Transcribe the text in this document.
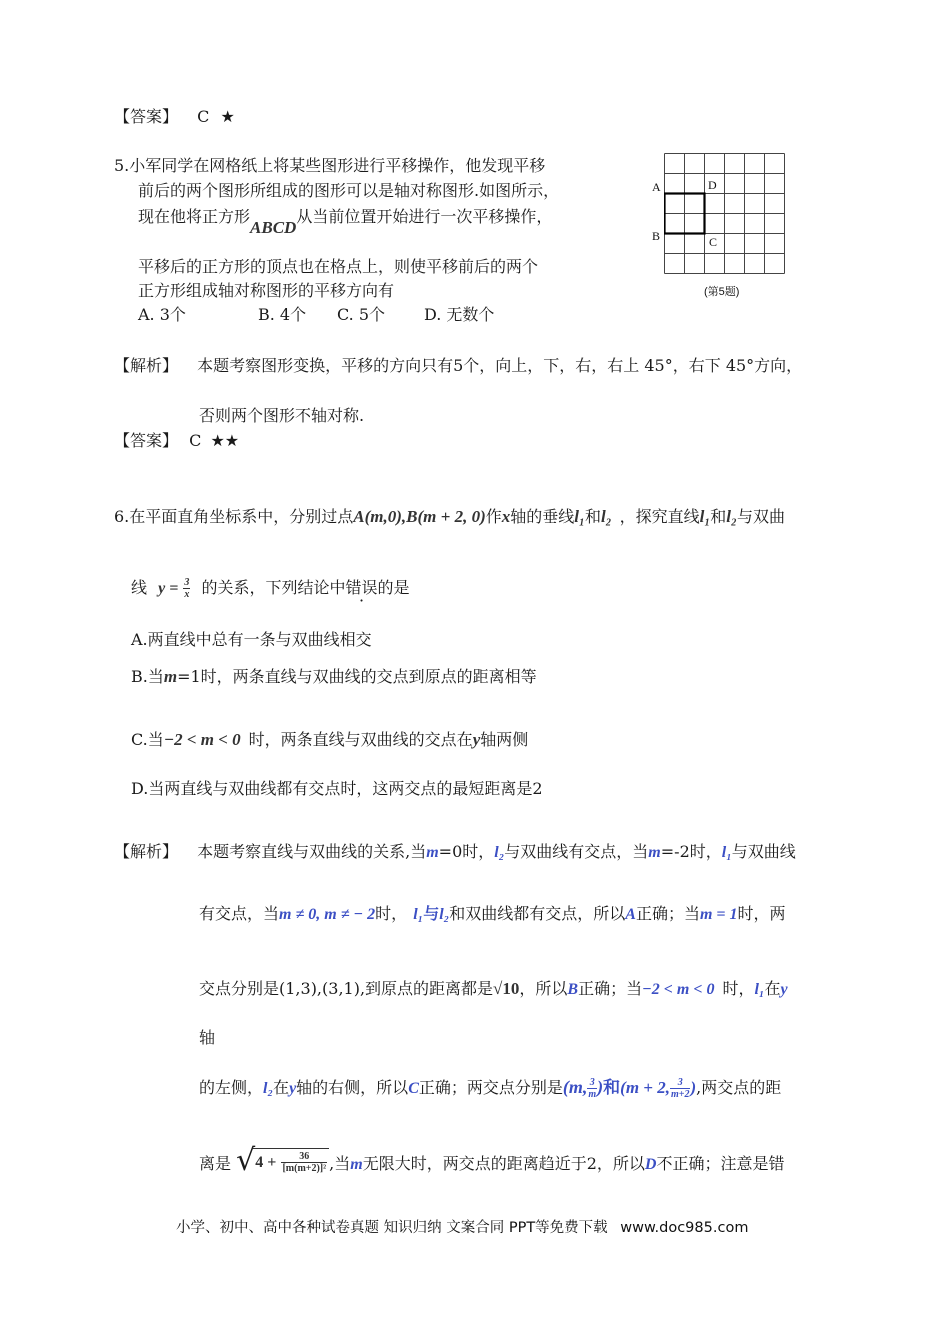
【答案】 C ★
5.小军同学在网格纸上将某些图形进行平移操作，他发现平移
前后的两个图形所组成的图形可以是轴对称图形.如图所示，
现在他将正方形ABCD从当前位置开始进行一次平移操作，
平移后的正方形的顶点也在格点上，则使平移前后的两个
正方形组成轴对称图形的平移方向有
A. 3个	B. 4个 C. 5个 D. 无数个
A	D
B	C
(第5题)
【解析】 本题考察图形变换，平移的方向只有5个，向上，下，右，右上 45°，右下 45°方向，
否则两个图形不轴对称.
【答案】 C ★★
6.在平面直角坐标系中，分别过点A(m,0),B(m + 2, 0)作x轴的垂线l₁和l₂ ，探究直线l₁和l₂与双曲
线 $y = \frac{3}{x}$ 的关系，下列结论中错误的是
A.两直线中总有一条与双曲线相交
B.当m=1时，两条直线与双曲线的交点到原点的距离相等
C.当−2 < m < 0 时，两条直线与双曲线的交点在y轴两侧
D.当两直线与双曲线都有交点时，这两交点的最短距离是2
【解析】 本题考察直线与双曲线的关系,当m=0时，l₂与双曲线有交点，当m=-2时，l₁与双曲线
有交点，当m ≠ 0, m ≠ − 2时， l₁与l₂和双曲线都有交点，所以A正确；当m = 1时，两
交点分别是(1,3),(3,1),到原点的距离都是√10，所以B正确；当−2 < m < 0 时，l₁在y
轴
的左侧，l₂在y轴的右侧，所以C正确；两交点分别是(m, $\frac{3}{m}$ )和(m + 2, $\frac{3}{m+2}$ ),两交点的距
离是 $√4 + \frac{36}{\text{[m(m+2)]²}}$ ,当m无限大时，两交点的距离趋近于2，所以D不正确；注意是错
小学、初中、高中各种试卷真题 知识归纳 文案合同 PPT等免费下载 www.doc985.com
